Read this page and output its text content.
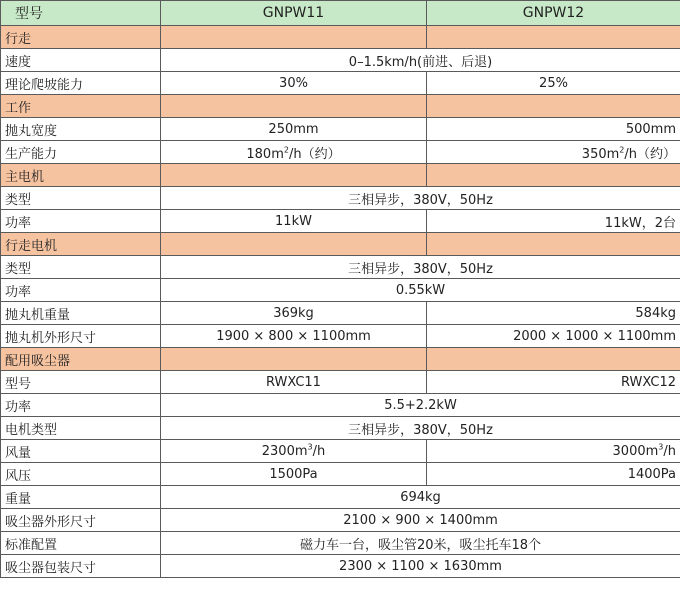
型号	GNPW11	GNPW12
行走		
速度	0–1.5km/h(前进、后退)	
理论爬坡能力	30%	25%
工作		
抛丸宽度	250mm	500mm
生产能力	$180m^2/h$（约）	$350m^2/h$（约）
主电机		
类型	三相异步，380V，50Hz	
功率	11kW	11kW，2台
行走电机		
类型	三相异步，380V，50Hz	
功率	0.55kW	
抛丸机重量	369kg	584kg
抛丸机外形尺寸	1900 × 800 × 1100mm	2000 × 1000 × 1100mm
配用吸尘器		
型号	RWXC11	RWXC12
功率	5.5+2.2kW	
电机类型	三相异步，380V，50Hz	
风量	$2300m^3/h$	$3000m^3/h$
风压	1500Pa	1400Pa
重量	694kg	
吸尘器外形尺寸	2100 × 900 × 1400mm	
标准配置	磁力车一台，吸尘管20米，吸尘托车18个	
吸尘器包装尺寸	2300 × 1100 × 1630mm	
